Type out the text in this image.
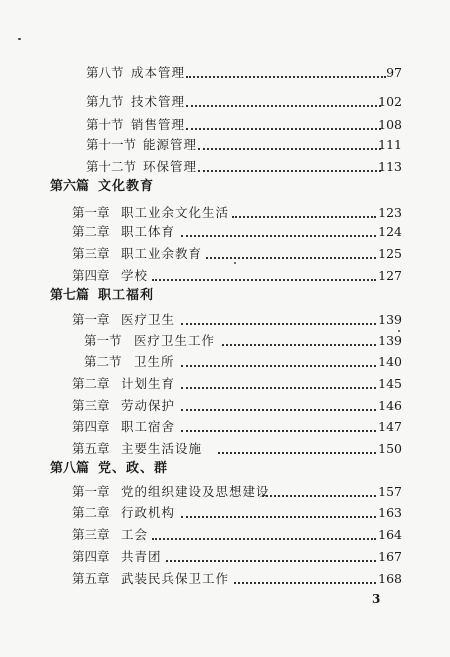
第八节 成本管理	97
第九节 技术管理	102
第十节 销售管理	108
第十一节 能源管理	111
第十二节 环保管理	113
第六篇 文化教育
第一章 职工业余文化生活	123
第二章 职工体育	124
第三章 职工业余教育	125
第四章 学校	127
第七篇 职工福利
第一章 医疗卫生	139
第一节 医疗卫生工作	139
第二节 卫生所	140
第二章 计划生育	145
第三章 劳动保护	146
第四章 职工宿舍	147
第五章 主要生活设施	150
第八篇 党、政、群
第一章 党的组织建设及思想建设	157
第二章 行政机构	163
第三章 工会	164
第四章 共青团	167
第五章 武装民兵保卫工作	168
3
